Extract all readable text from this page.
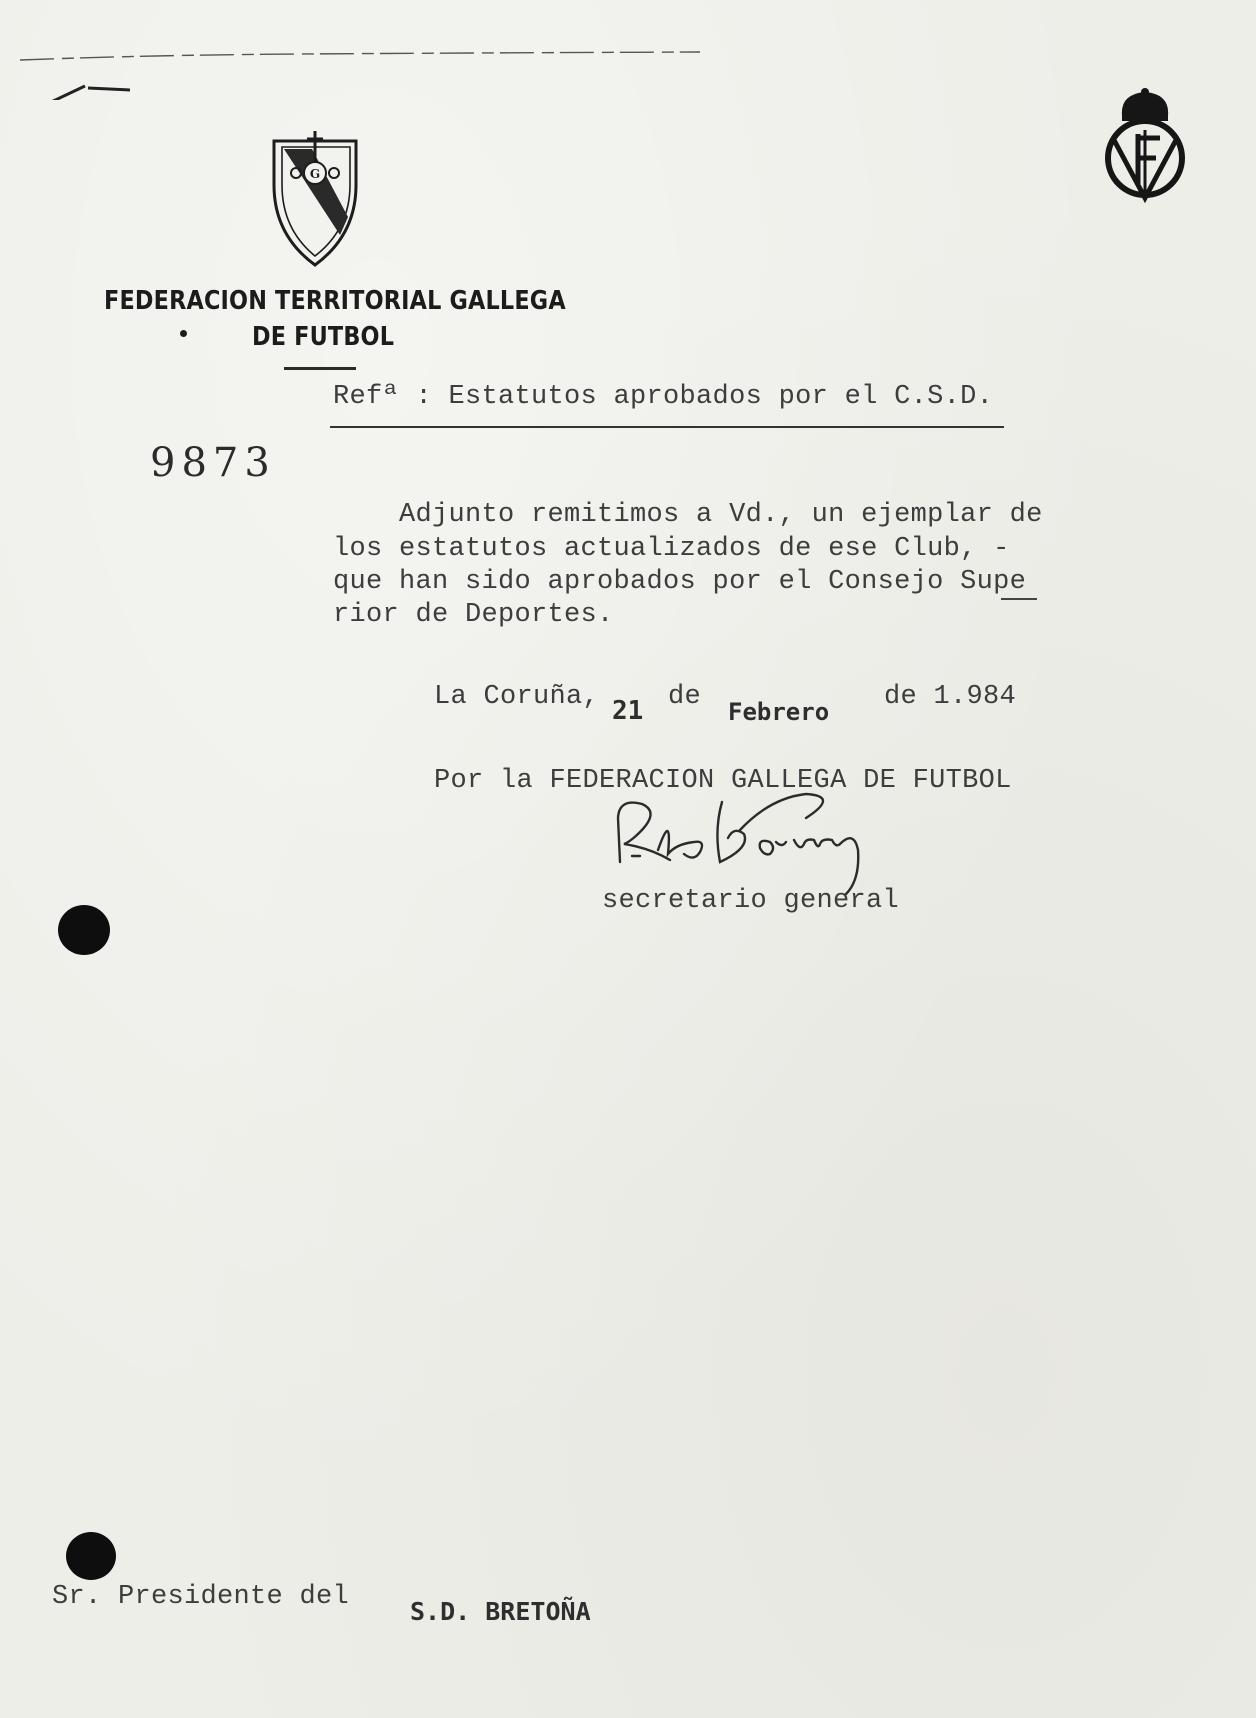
G
FEDERACION TERRITORIAL GALLEGA
DE FUTBOL
Refª : Estatutos aprobados por el C.S.D.
9873
Adjunto remitimos a Vd., un ejemplar de
los estatutos actualizados de ese Club, -
que han sido aprobados por el Consejo Supe
rior de Deportes.
La Coruña, 21 de Febrero de 1.984
Por la FEDERACION GALLEGA DE FUTBOL
secretario general
Sr. Presidente del S.D. BRETOÑA
